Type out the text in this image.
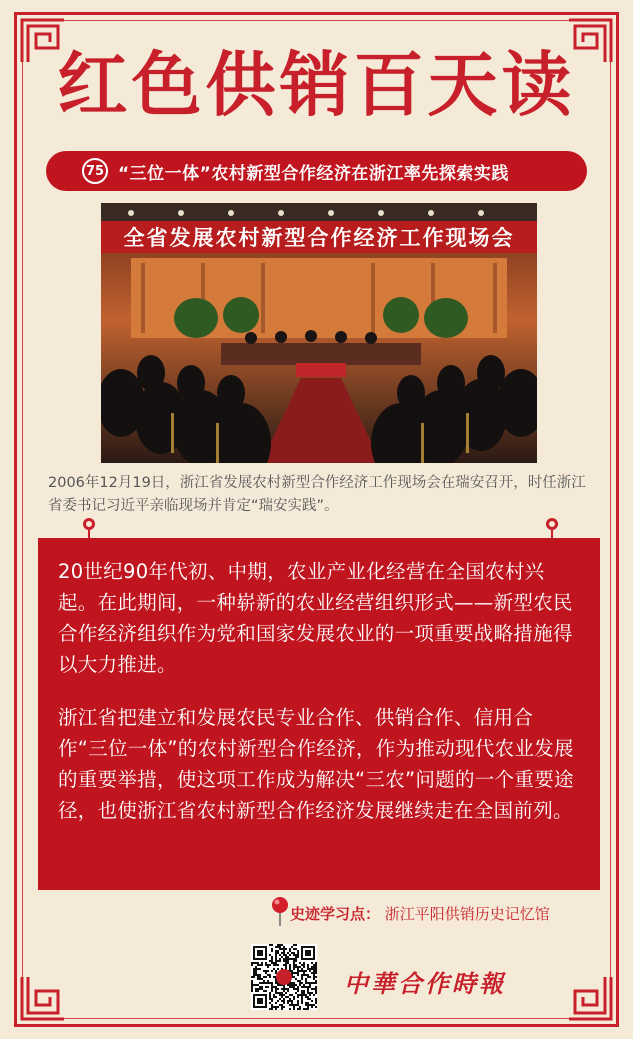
红色供销百天读
75 “三位一体”农村新型合作经济在浙江率先探索实践
全省发展农村新型合作经济工作现场会
2006年12月19日，浙江省发展农村新型合作经济工作现场会在瑞安召开，时任浙江省委书记习近平亲临现场并肯定“瑞安实践”。

20世纪90年代初、中期，农业产业化经营在全国农村兴起。在此期间，一种崭新的农业经营组织形式——新型农民合作经济组织作为党和国家发展农业的一项重要战略措施得以大力推进。

浙江省把建立和发展农民专业合作、供销合作、信用合作“三位一体”的农村新型合作经济，作为推动现代农业发展的重要举措，使这项工作成为解决“三农”问题的一个重要途径，也使浙江省农村新型合作经济发展继续走在全国前列。

史迹学习点： 浙江平阳供销历史记忆馆
中華合作時報
